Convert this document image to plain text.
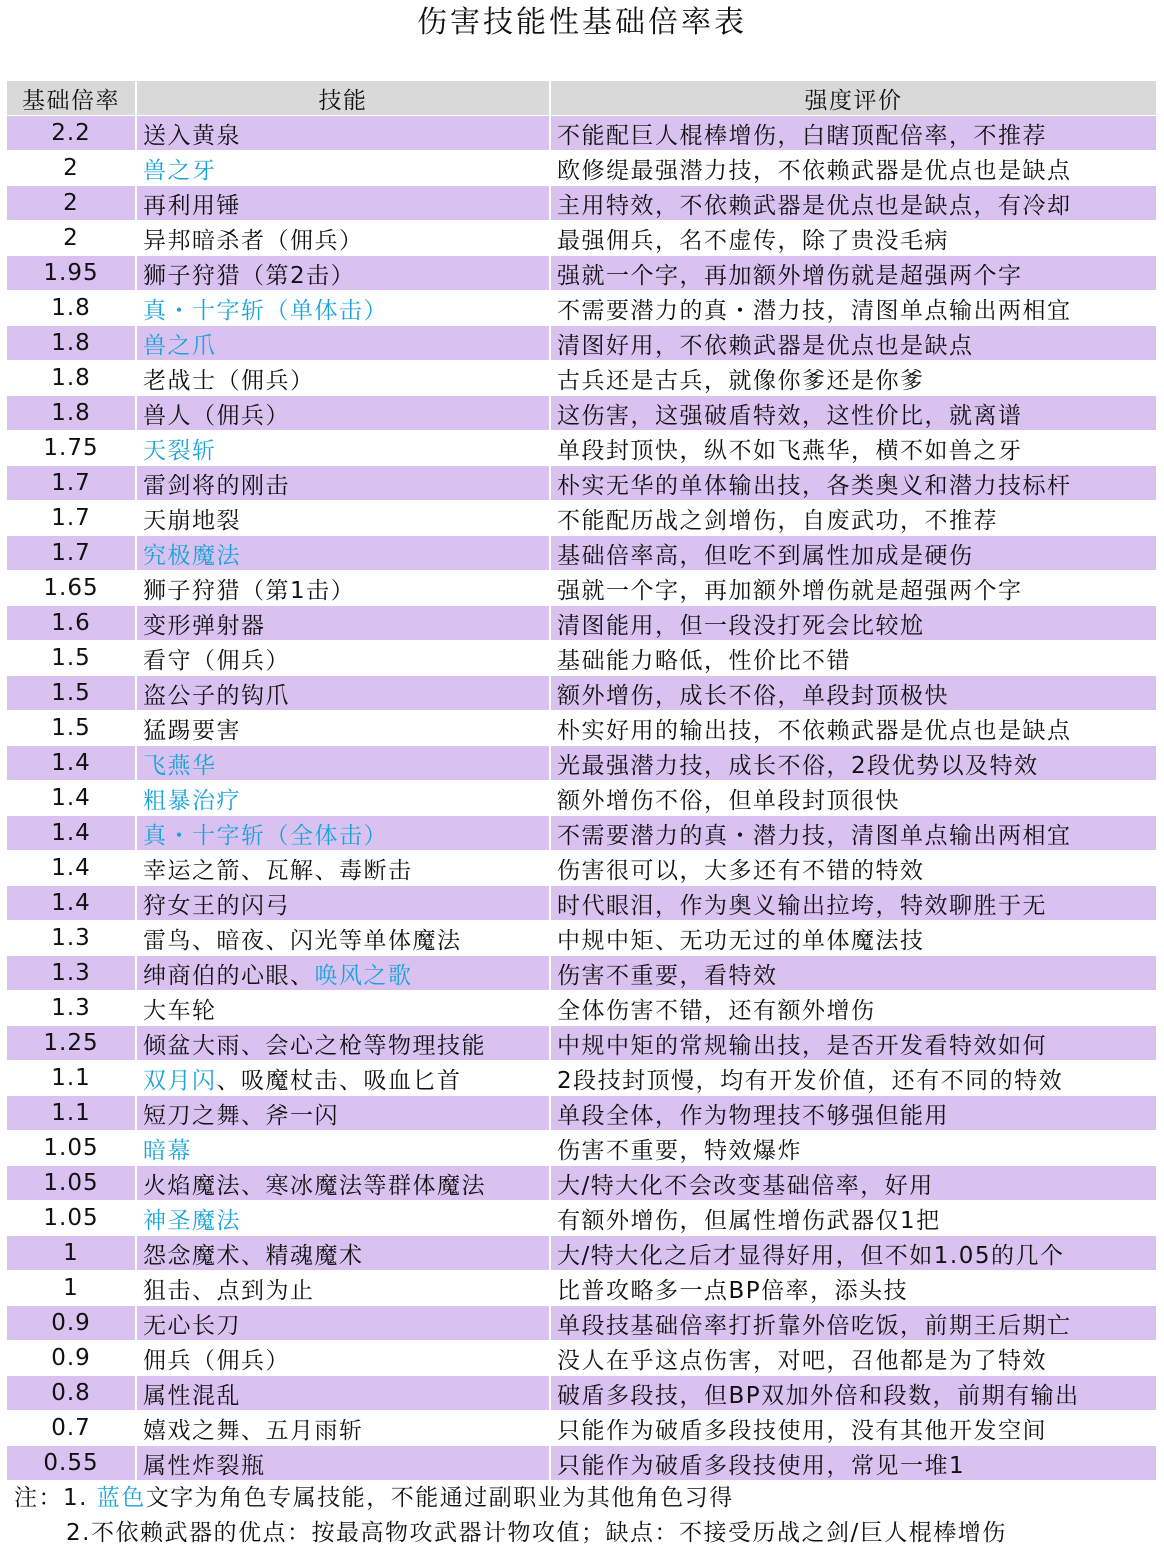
伤害技能性基础倍率表
基础倍率	技能	强度评价
2.2	送入黄泉	不能配巨人棍棒增伤，白瞎顶配倍率，不推荐
2	兽之牙	欧修缇最强潜力技，不依赖武器是优点也是缺点
2	再利用锤	主用特效，不依赖武器是优点也是缺点，有冷却
2	异邦暗杀者（佣兵）	最强佣兵，名不虚传，除了贵没毛病
1.95	狮子狩猎（第2击）	强就一个字，再加额外增伤就是超强两个字
1.8	真・十字斩（单体击）	不需要潜力的真・潜力技，清图单点输出两相宜
1.8	兽之爪	清图好用，不依赖武器是优点也是缺点
1.8	老战士（佣兵）	古兵还是古兵，就像你爹还是你爹
1.8	兽人（佣兵）	这伤害，这强破盾特效，这性价比，就离谱
1.75	天裂斩	单段封顶快，纵不如飞燕华，横不如兽之牙
1.7	雷剑将的刚击	朴实无华的单体输出技，各类奥义和潜力技标杆
1.7	天崩地裂	不能配历战之剑增伤，自废武功，不推荐
1.7	究极魔法	基础倍率高，但吃不到属性加成是硬伤
1.65	狮子狩猎（第1击）	强就一个字，再加额外增伤就是超强两个字
1.6	变形弹射器	清图能用，但一段没打死会比较尬
1.5	看守（佣兵）	基础能力略低，性价比不错
1.5	盗公子的钩爪	额外增伤，成长不俗，单段封顶极快
1.5	猛踢要害	朴实好用的输出技，不依赖武器是优点也是缺点
1.4	飞燕华	光最强潜力技，成长不俗，2段优势以及特效
1.4	粗暴治疗	额外增伤不俗，但单段封顶很快
1.4	真・十字斩（全体击）	不需要潜力的真・潜力技，清图单点输出两相宜
1.4	幸运之箭、瓦解、毒断击	伤害很可以，大多还有不错的特效
1.4	狩女王的闪弓	时代眼泪，作为奥义输出拉垮，特效聊胜于无
1.3	雷鸟、暗夜、闪光等单体魔法	中规中矩、无功无过的单体魔法技
1.3	绅商伯的心眼、唤风之歌	伤害不重要，看特效
1.3	大车轮	全体伤害不错，还有额外增伤
1.25	倾盆大雨、会心之枪等物理技能	中规中矩的常规输出技，是否开发看特效如何
1.1	双月闪、吸魔杖击、吸血匕首	2段技封顶慢，均有开发价值，还有不同的特效
1.1	短刀之舞、斧一闪	单段全体，作为物理技不够强但能用
1.05	暗幕	伤害不重要，特效爆炸
1.05	火焰魔法、寒冰魔法等群体魔法	大/特大化不会改变基础倍率，好用
1.05	神圣魔法	有额外增伤，但属性增伤武器仅1把
1	怨念魔术、精魂魔术	大/特大化之后才显得好用，但不如1.05的几个
1	狙击、点到为止	比普攻略多一点BP倍率，添头技
0.9	无心长刀	单段技基础倍率打折靠外倍吃饭，前期王后期亡
0.9	佣兵（佣兵）	没人在乎这点伤害，对吧，召他都是为了特效
0.8	属性混乱	破盾多段技，但BP双加外倍和段数，前期有输出
0.7	嬉戏之舞、五月雨斩	只能作为破盾多段技使用，没有其他开发空间
0.55	属性炸裂瓶	只能作为破盾多段技使用，常见一堆1
注：1. 蓝色文字为角色专属技能，不能通过副职业为其他角色习得
2.不依赖武器的优点：按最高物攻武器计物攻值；缺点：不接受历战之剑/巨人棍棒增伤
